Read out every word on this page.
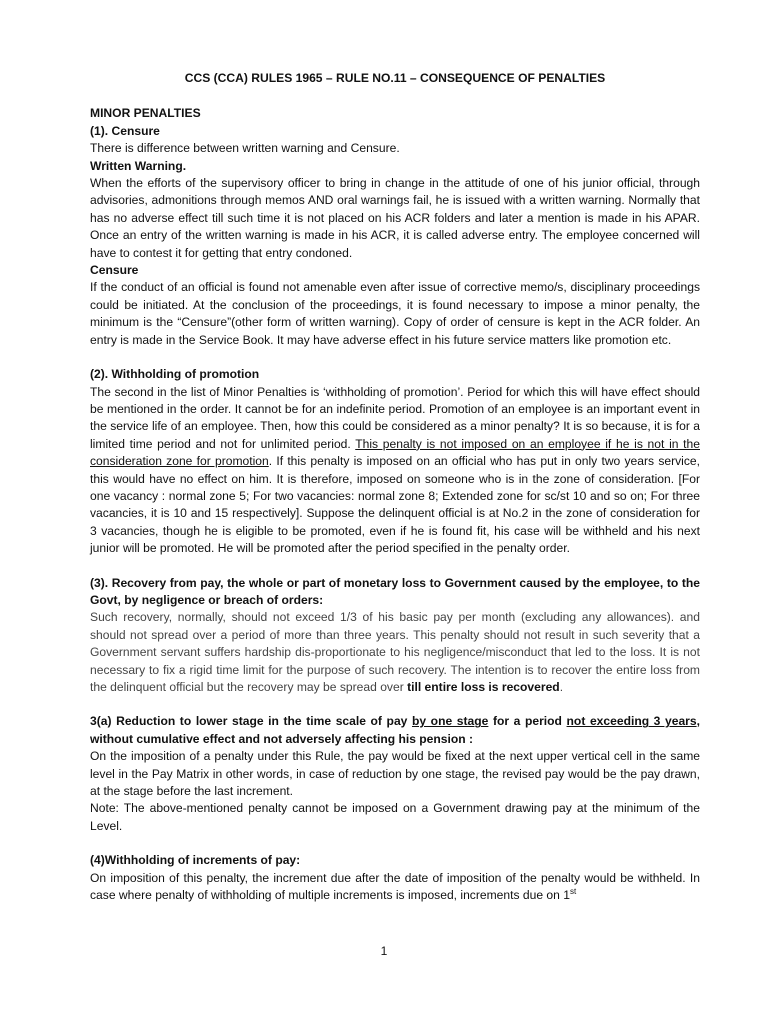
CCS (CCA) RULES 1965 – RULE NO.11 – CONSEQUENCE OF PENALTIES

MINOR PENALTIES

(1). Censure

There is difference between written warning and Censure.

Written Warning.

When the efforts of the supervisory officer to bring in change in the attitude of one of his junior official, through advisories, admonitions through memos AND oral warnings fail, he is issued with a written warning. Normally that has no adverse effect till such time it is not placed on his ACR folders and later a mention is made in his APAR. Once an entry of the written warning is made in his ACR, it is called adverse entry. The employee concerned will have to contest it for getting that entry condoned.

Censure

If the conduct of an official is found not amenable even after issue of corrective memo/s, disciplinary proceedings could be initiated. At the conclusion of the proceedings, it is found necessary to impose a minor penalty, the minimum is the “Censure”(other form of written warning). Copy of order of censure is kept in the ACR folder. An entry is made in the Service Book. It may have adverse effect in his future service matters like promotion etc.

(2). Withholding of promotion

The second in the list of Minor Penalties is ‘withholding of promotion’. Period for which this will have effect should be mentioned in the order. It cannot be for an indefinite period. Promotion of an employee is an important event in the service life of an employee. Then, how this could be considered as a minor penalty? It is so because, it is for a limited time period and not for unlimited period. This penalty is not imposed on an employee if he is not in the consideration zone for promotion. If this penalty is imposed on an official who has put in only two years service, this would have no effect on him. It is therefore, imposed on someone who is in the zone of consideration. [For one vacancy : normal zone 5; For two vacancies: normal zone 8; Extended zone for sc/st 10 and so on; For three vacancies, it is 10 and 15 respectively]. Suppose the delinquent official is at No.2 in the zone of consideration for 3 vacancies, though he is eligible to be promoted, even if he is found fit, his case will be withheld and his next junior will be promoted. He will be promoted after the period specified in the penalty order.

(3). Recovery from pay, the whole or part of monetary loss to Government caused by the employee, to the Govt, by negligence or breach of orders:

Such recovery, normally, should not exceed 1/3 of his basic pay per month (excluding any allowances). and should not spread over a period of more than three years. This penalty should not result in such severity that a Government servant suffers hardship dis-proportionate to his negligence/misconduct that led to the loss. It is not necessary to fix a rigid time limit for the purpose of such recovery. The intention is to recover the entire loss from the delinquent official but the recovery may be spread over till entire loss is recovered.

3(a) Reduction to lower stage in the time scale of pay by one stage for a period not exceeding 3 years, without cumulative effect and not adversely affecting his pension :

On the imposition of a penalty under this Rule, the pay would be fixed at the next upper vertical cell in the same level in the Pay Matrix in other words, in case of reduction by one stage, the revised pay would be the pay drawn, at the stage before the last increment.

Note: The above-mentioned penalty cannot be imposed on a Government drawing pay at the minimum of the Level.

(4)Withholding of increments of pay:

On imposition of this penalty, the increment due after the date of imposition of the penalty would be withheld. In case where penalty of withholding of multiple increments is imposed, increments due on 1st

1
